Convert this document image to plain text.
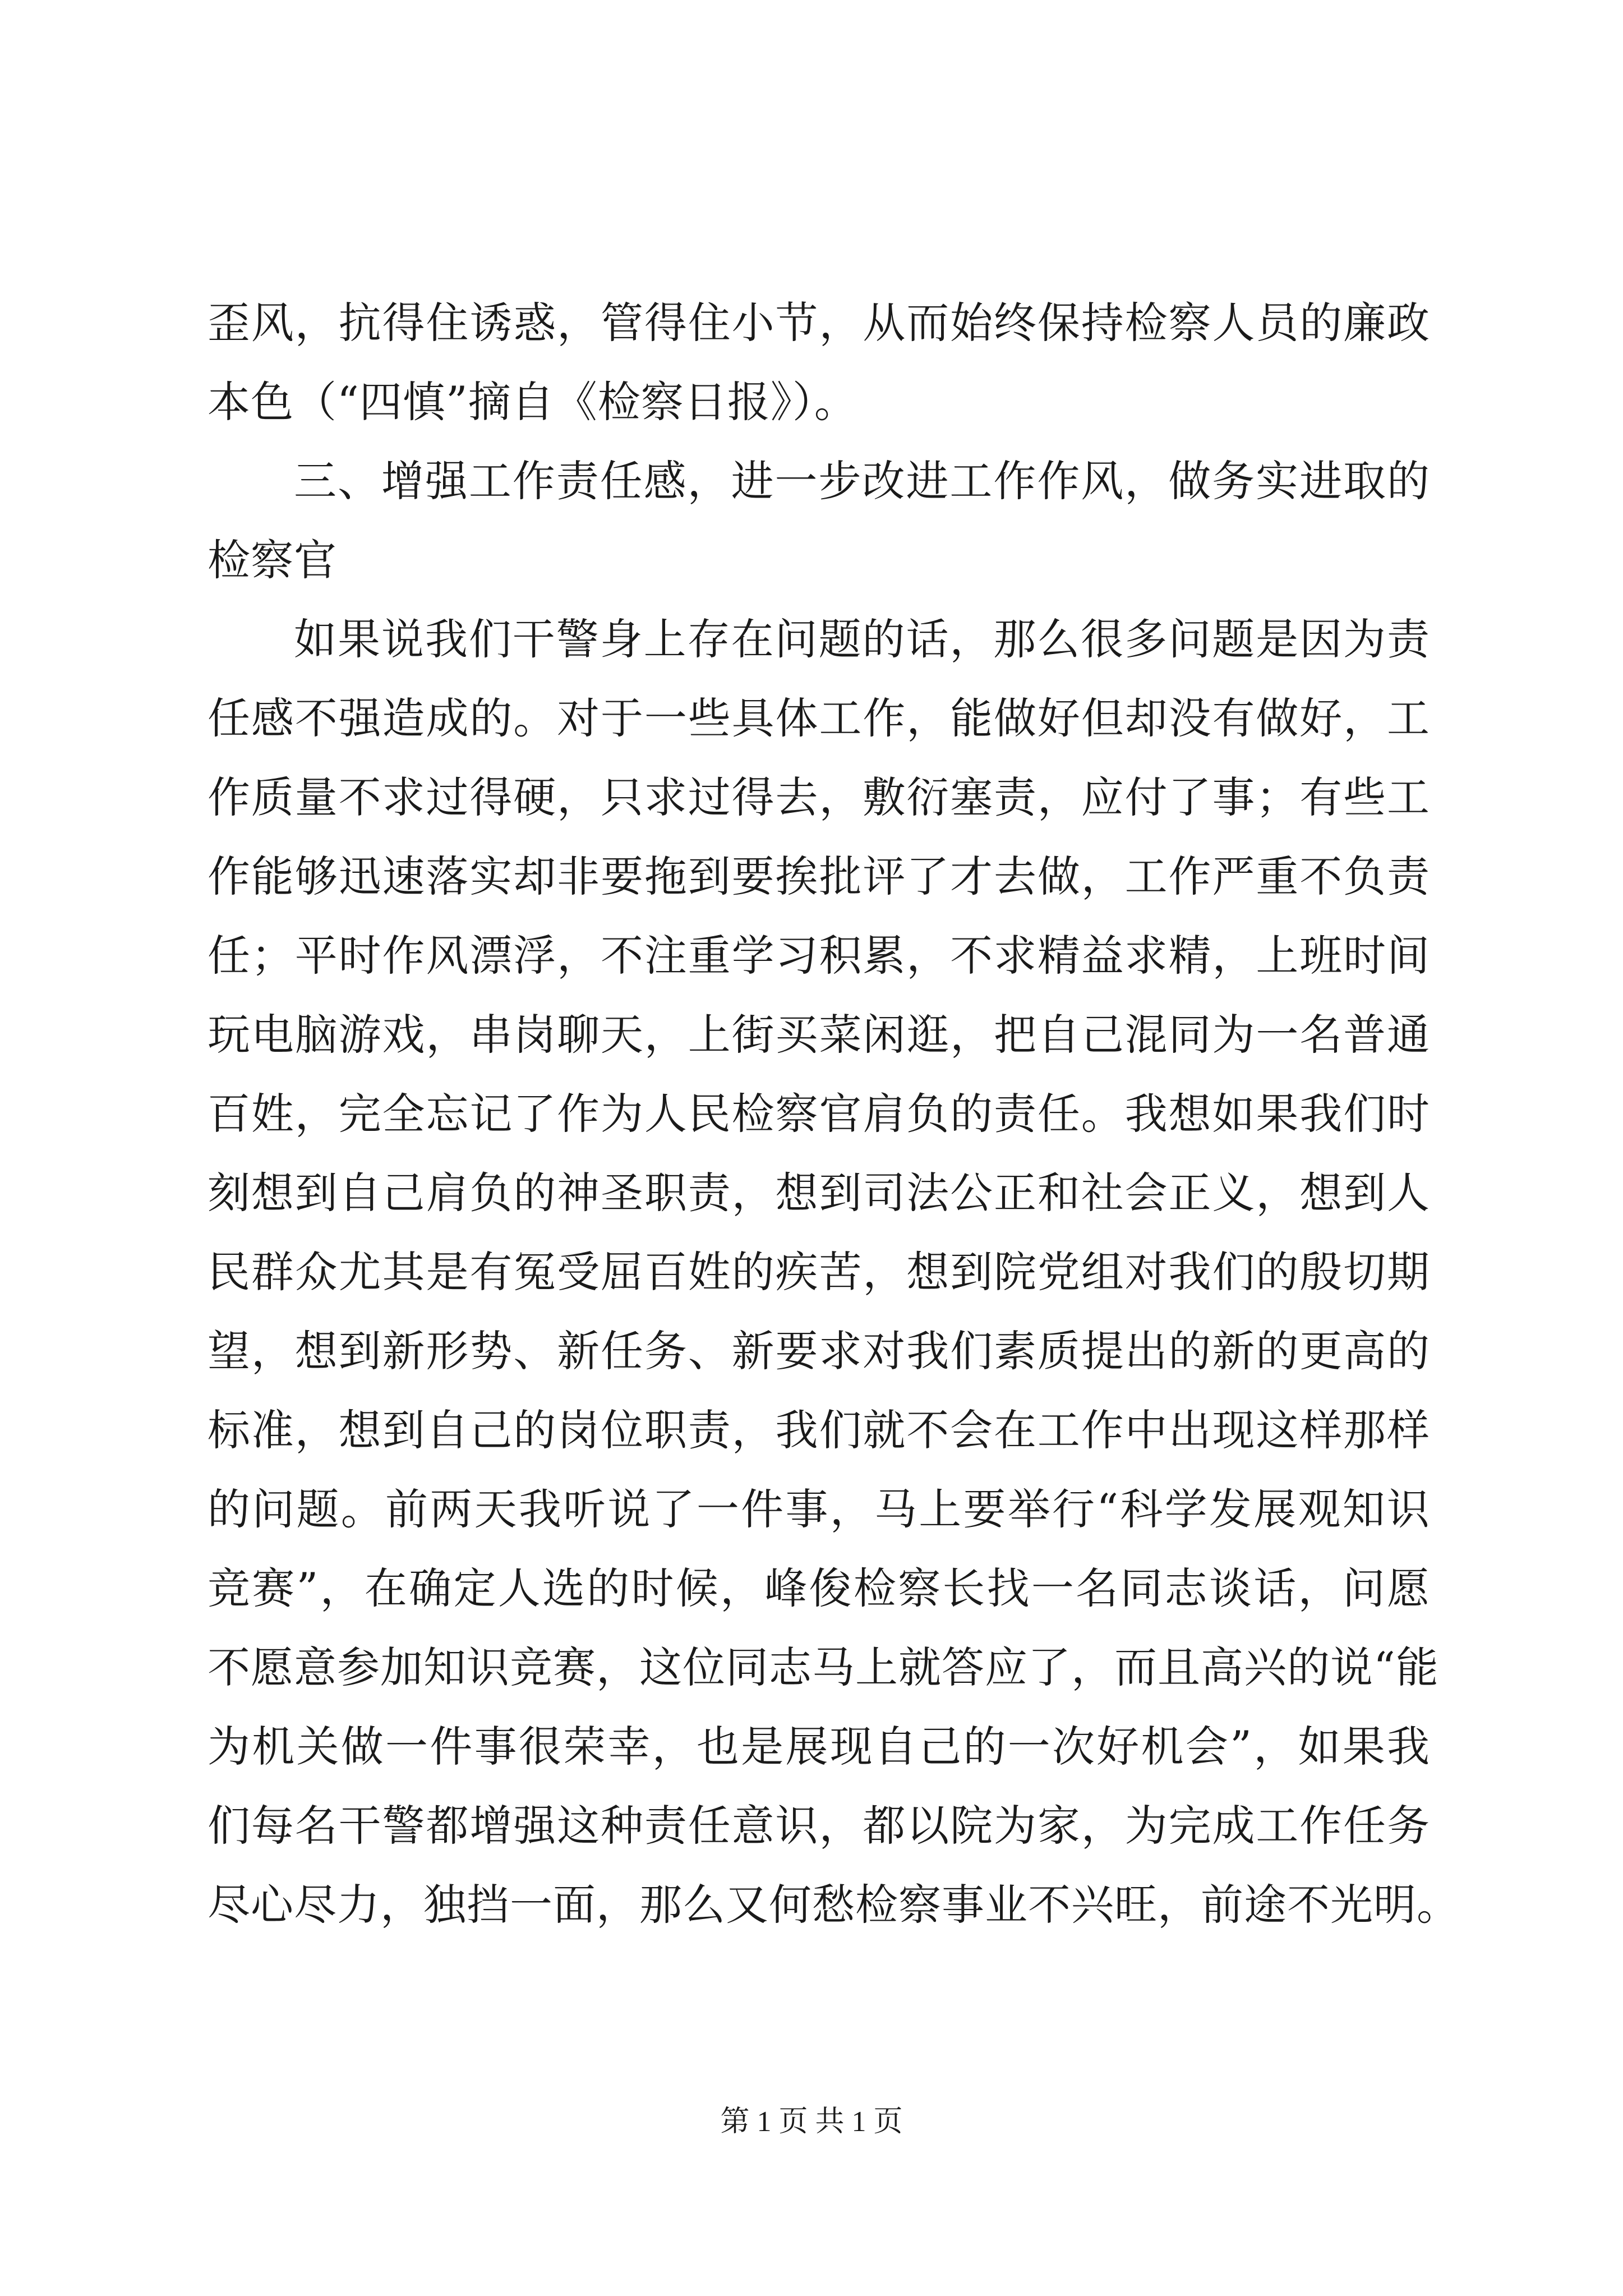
歪风，抗得住诱惑，管得住小节，从而始终保持检察人员的廉政
本色（“四慎”摘自《检察日报》）。
三、增强工作责任感，进一步改进工作作风，做务实进取的
检察官
如果说我们干警身上存在问题的话，那么很多问题是因为责
任感不强造成的。对于一些具体工作，能做好但却没有做好，工
作质量不求过得硬，只求过得去，敷衍塞责，应付了事；有些工
作能够迅速落实却非要拖到要挨批评了才去做，工作严重不负责
任；平时作风漂浮，不注重学习积累，不求精益求精，上班时间
玩电脑游戏，串岗聊天，上街买菜闲逛，把自己混同为一名普通
百姓，完全忘记了作为人民检察官肩负的责任。我想如果我们时
刻想到自己肩负的神圣职责，想到司法公正和社会正义，想到人
民群众尤其是有冤受屈百姓的疾苦，想到院党组对我们的殷切期
望，想到新形势、新任务、新要求对我们素质提出的新的更高的
标准，想到自己的岗位职责，我们就不会在工作中出现这样那样
的问题。前两天我听说了一件事，马上要举行“科学发展观知识
竞赛”，在确定人选的时候，峰俊检察长找一名同志谈话，问愿
不愿意参加知识竞赛，这位同志马上就答应了，而且高兴的说“能
为机关做一件事很荣幸，也是展现自己的一次好机会”，如果我
们每名干警都增强这种责任意识，都以院为家，为完成工作任务
尽心尽力，独挡一面，那么又何愁检察事业不兴旺，前途不光明。
第 1 页 共 1 页
